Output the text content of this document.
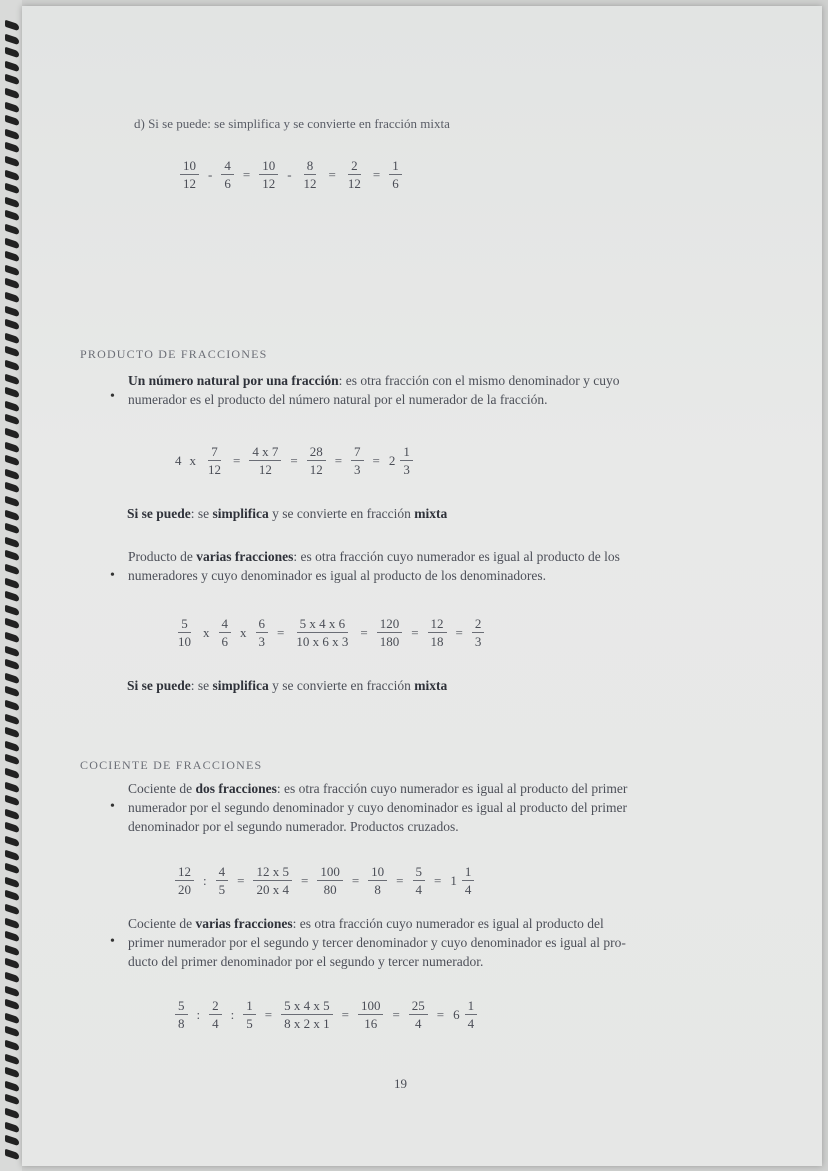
d) Si se puede: se simplifica y se convierte en fracción mixta
$\frac{10}{12} - \frac{4}{6} = \frac{10}{12} - \frac{8}{12} = \frac{2}{12} = \frac{1}{6}$
PRODUCTO DE FRACCIONES
•
Un número natural por una fracción: es otra fracción con el mismo denominador y cuyo
numerador es el producto del número natural por el numerador de la fracción.
4 x $\frac{7}{12} = \frac{4 x 7}{12} = \frac{28}{12} = \frac{7}{3} = 2 \frac{1}{3}$
Si se puede: se simplifica y se convierte en fracción mixta
•
Producto de varias fracciones: es otra fracción cuyo numerador es igual al producto de los
numeradores y cuyo denominador es igual al producto de los denominadores.
$\frac{5}{10}$ x $\frac{4}{6}$ x $\frac{6}{3} = \frac{5 x 4 x 6}{10 x 6 x 3} = \frac{120}{180} = \frac{12}{18} = \frac{2}{3}$
Si se puede: se simplifica y se convierte en fracción mixta
COCIENTE DE FRACCIONES
•
Cociente de dos fracciones: es otra fracción cuyo numerador es igual al producto del primer
numerador por el segundo denominador y cuyo denominador es igual al producto del primer
denominador por el segundo numerador. Productos cruzados.
$\frac{12}{20}$ : $\frac{4}{5} = \frac{12 x 5}{20 x 4} = \frac{100}{80} = \frac{10}{8} = \frac{5}{4} = 1 \frac{1}{4}$
•
Cociente de varias fracciones: es otra fracción cuyo numerador es igual al producto del
primer numerador por el segundo y tercer denominador y cuyo denominador es igual al pro-
ducto del primer denominador por el segundo y tercer numerador.
$\frac{5}{8}$ : $\frac{2}{4}$ : $\frac{1}{5} = \frac{5 x 4 x 5}{8 x 2 x 1} = \frac{100}{16} = \frac{25}{4} = 6 \frac{1}{4}$
19
